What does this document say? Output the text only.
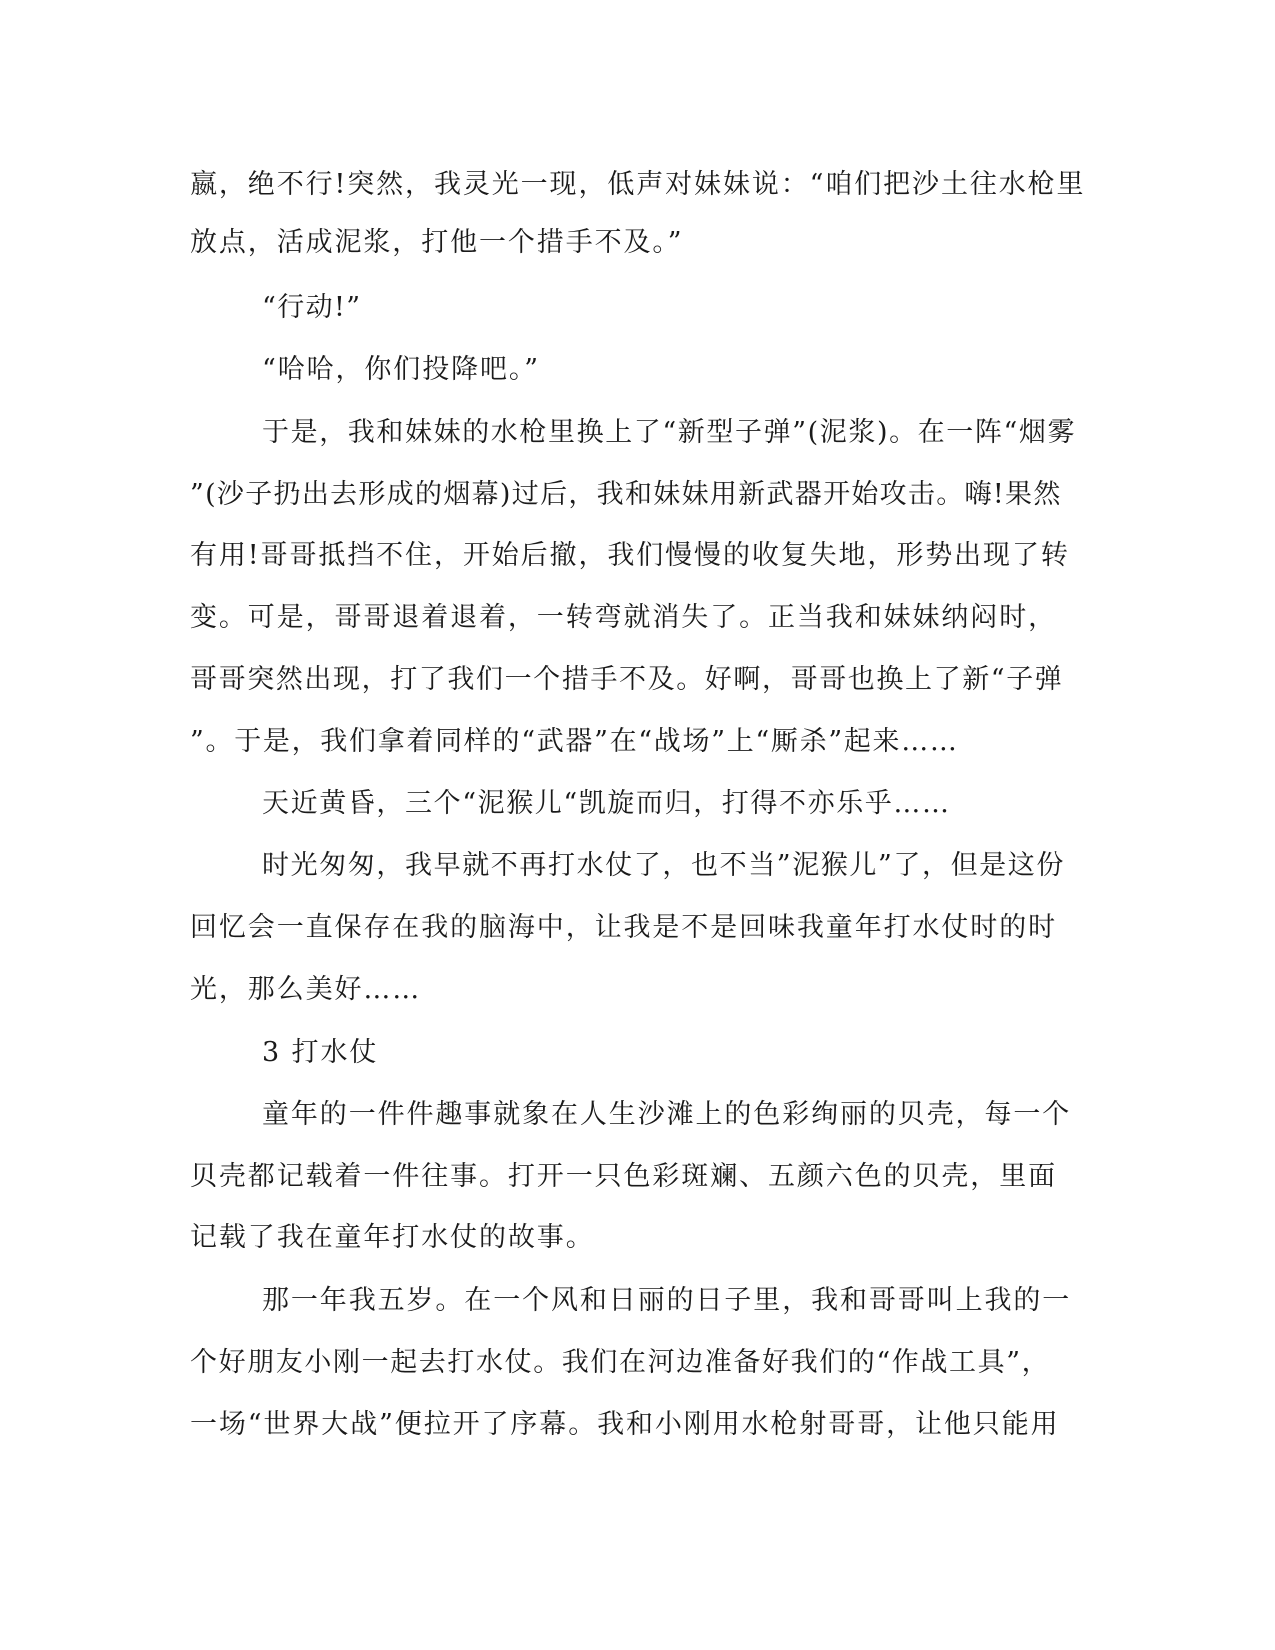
嬴，绝不行!突然，我灵光一现，低声对妹妹说：“咱们把沙土往水枪里

放点，活成泥浆，打他一个措手不及。”

“行动!”

“哈哈，你们投降吧。”

于是，我和妹妹的水枪里换上了“新型子弹”(泥浆)。在一阵“烟雾

”(沙子扔出去形成的烟幕)过后，我和妹妹用新武器开始攻击。嗨!果然

有用!哥哥抵挡不住，开始后撤，我们慢慢的收复失地，形势出现了转

变。可是，哥哥退着退着，一转弯就消失了。正当我和妹妹纳闷时，

哥哥突然出现，打了我们一个措手不及。好啊，哥哥也换上了新“子弹

”。于是，我们拿着同样的“武器”在“战场”上“厮杀”起来……

天近黄昏，三个“泥猴儿“凯旋而归，打得不亦乐乎……

时光匆匆，我早就不再打水仗了，也不当”泥猴儿”了，但是这份

回忆会一直保存在我的脑海中，让我是不是回味我童年打水仗时的时

光，那么美好……

3 打水仗

童年的一件件趣事就象在人生沙滩上的色彩绚丽的贝壳，每一个

贝壳都记载着一件往事。打开一只色彩斑斓、五颜六色的贝壳，里面

记载了我在童年打水仗的故事。

那一年我五岁。在一个风和日丽的日子里，我和哥哥叫上我的一

个好朋友小刚一起去打水仗。我们在河边准备好我们的“作战工具”，

一场“世界大战”便拉开了序幕。我和小刚用水枪射哥哥，让他只能用
